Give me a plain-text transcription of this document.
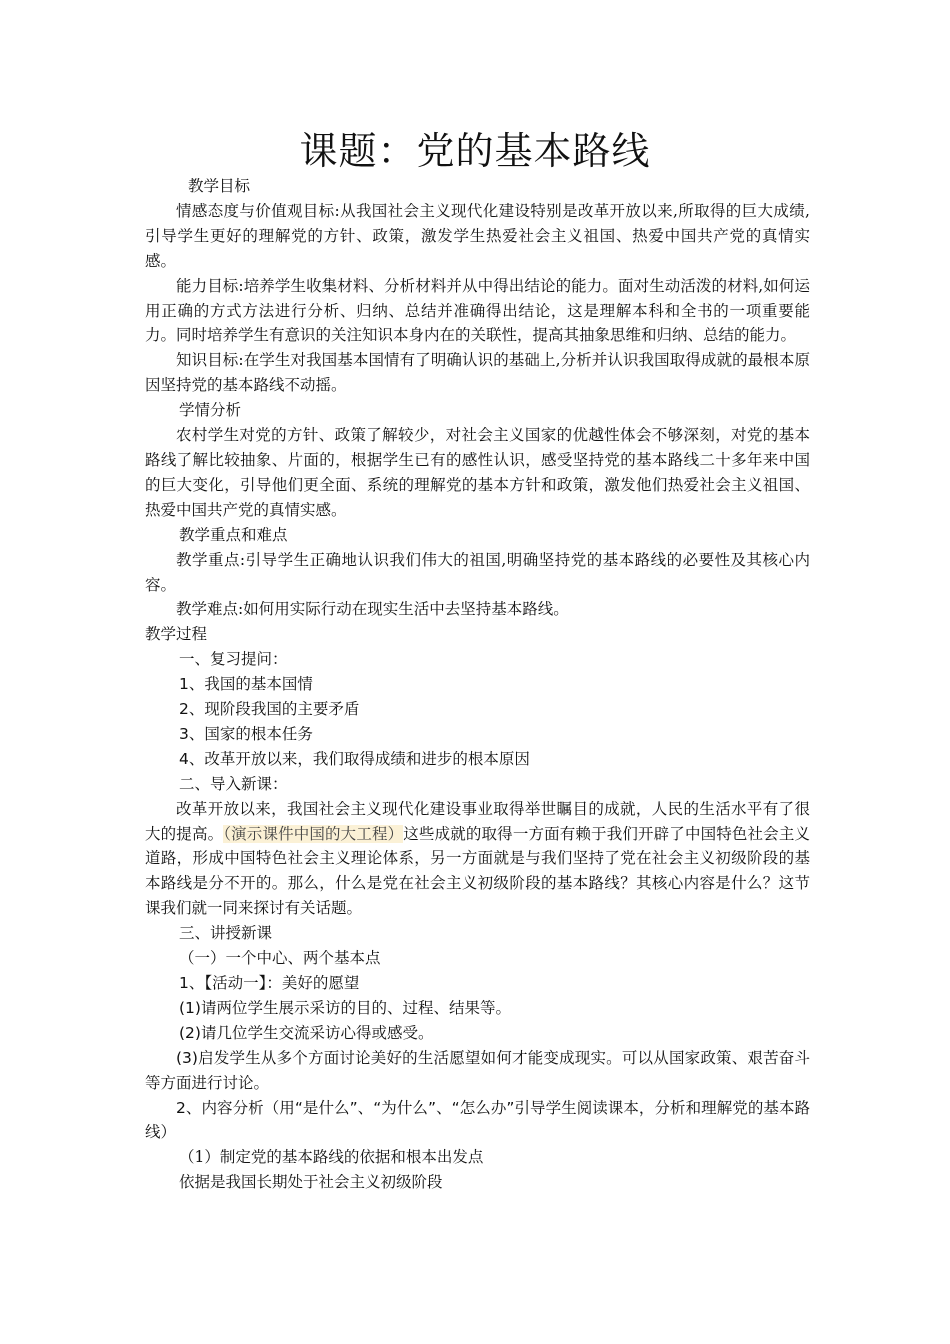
课题：党的基本路线

教学目标

情感态度与价值观目标:从我国社会主义现代化建设特别是改革开放以来,所取得的巨大成绩,引导学生更好的理解党的方针、政策，激发学生热爱社会主义祖国、热爱中国共产党的真情实感。

能力目标:培养学生收集材料、分析材料并从中得出结论的能力。面对生动活泼的材料,如何运用正确的方式方法进行分析、归纳、总结并准确得出结论，这是理解本科和全书的一项重要能力。同时培养学生有意识的关注知识本身内在的关联性，提高其抽象思维和归纳、总结的能力。

知识目标:在学生对我国基本国情有了明确认识的基础上,分析并认识我国取得成就的最根本原因坚持党的基本路线不动摇。

学情分析

农村学生对党的方针、政策了解较少，对社会主义国家的优越性体会不够深刻，对党的基本路线了解比较抽象、片面的，根据学生已有的感性认识，感受坚持党的基本路线二十多年来中国的巨大变化，引导他们更全面、系统的理解党的基本方针和政策，激发他们热爱社会主义祖国、热爱中国共产党的真情实感。

教学重点和难点

教学重点:引导学生正确地认识我们伟大的祖国,明确坚持党的基本路线的必要性及其核心内容。

教学难点:如何用实际行动在现实生活中去坚持基本路线。

教学过程

一、复习提问：

1、我国的基本国情

2、现阶段我国的主要矛盾

3、国家的根本任务

4、改革开放以来，我们取得成绩和进步的根本原因

二、导入新课：

改革开放以来，我国社会主义现代化建设事业取得举世瞩目的成就，人民的生活水平有了很大的提高。（演示课件中国的大工程）这些成就的取得一方面有赖于我们开辟了中国特色社会主义道路，形成中国特色社会主义理论体系，另一方面就是与我们坚持了党在社会主义初级阶段的基本路线是分不开的。那么，什么是党在社会主义初级阶段的基本路线？其核心内容是什么？这节课我们就一同来探讨有关话题。

三、讲授新课

（一）一个中心、两个基本点

1、【活动一】：美好的愿望

(1)请两位学生展示采访的目的、过程、结果等。

(2)请几位学生交流采访心得或感受。

(3)启发学生从多个方面讨论美好的生活愿望如何才能变成现实。可以从国家政策、艰苦奋斗等方面进行讨论。

2、内容分析（用“是什么”、“为什么”、“怎么办”引导学生阅读课本，分析和理解党的基本路线）

（1）制定党的基本路线的依据和根本出发点

依据是我国长期处于社会主义初级阶段
